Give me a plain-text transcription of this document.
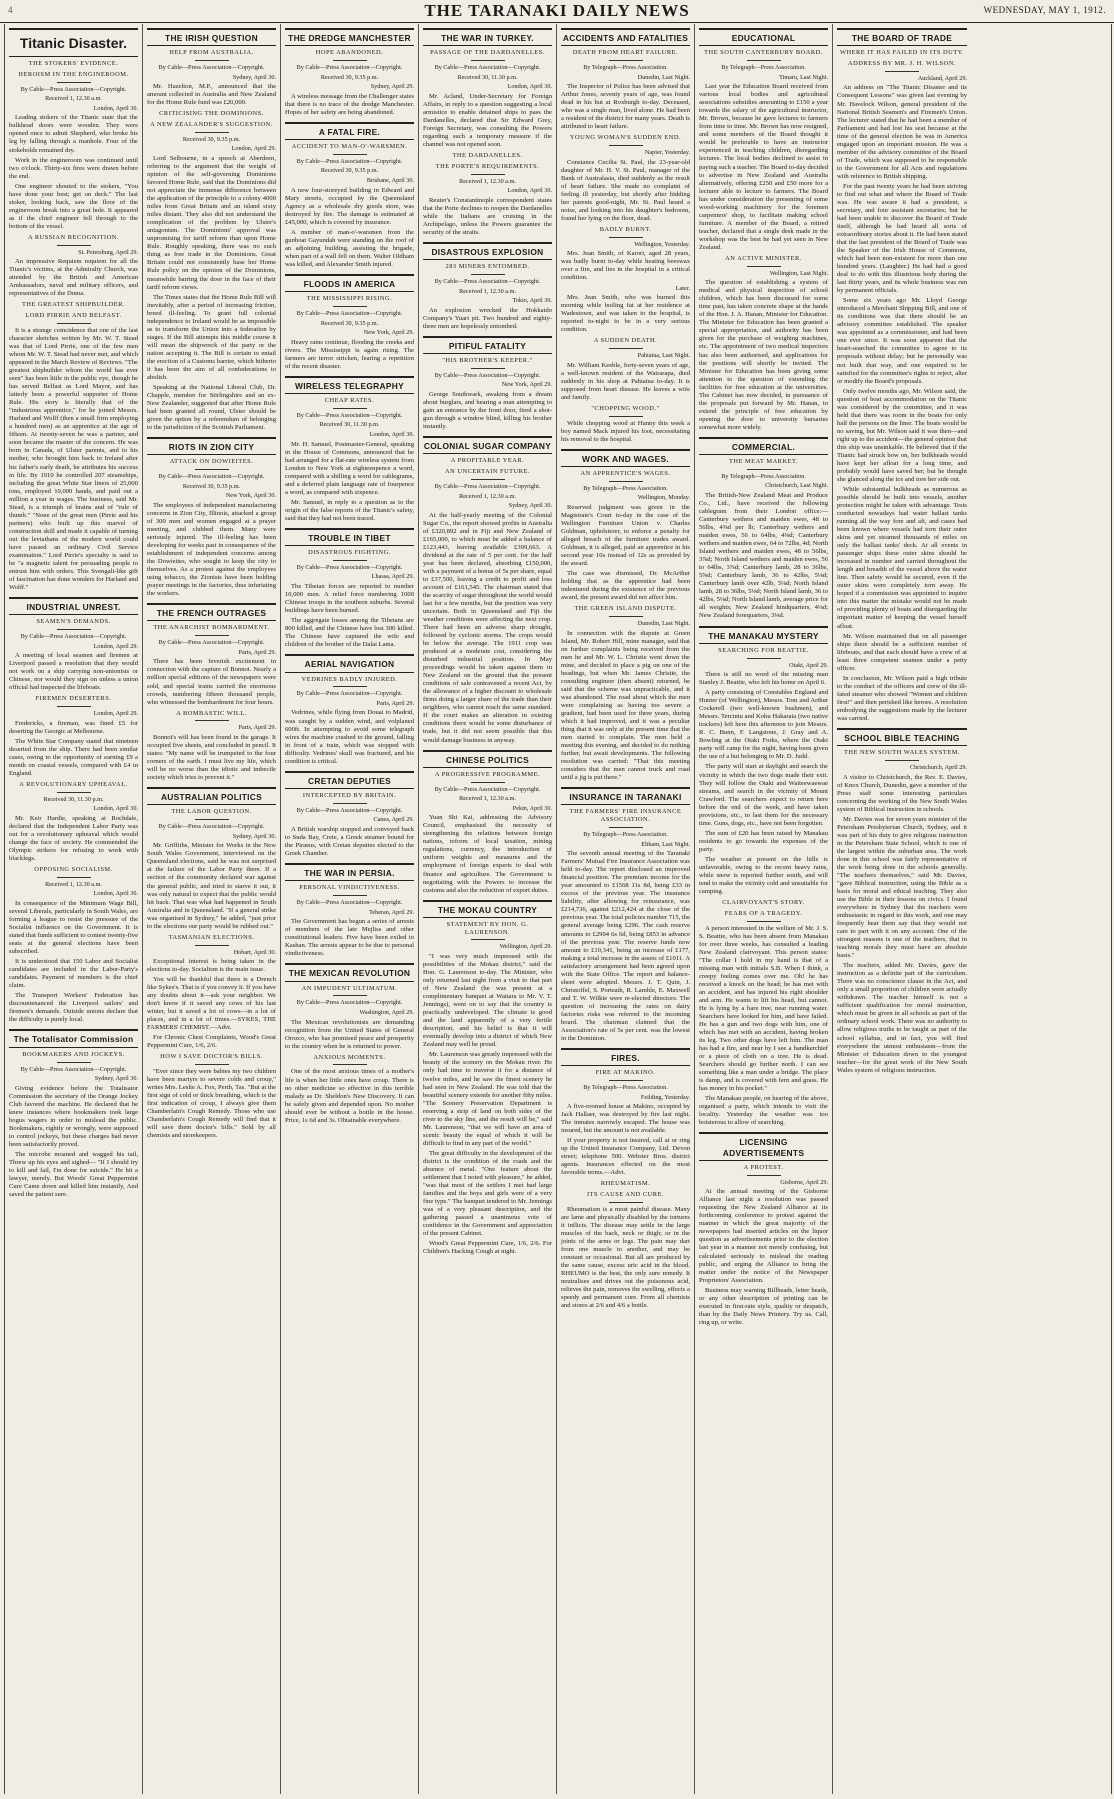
4	THE TARANAKI DAILY NEWS	WEDNESDAY, MAY 1, 1912.
Titanic Disaster.
THE STOKERS' EVIDENCE.
HEROISM IN THE ENGINEROOM.
By Cable—Press Association—Copyright.
Received 1, 12.30 a.m.
London, April 30.

Leading stokers of the Titanic state that the bulkhead doors were wooden. They were opened once to admit Shepherd, who broke his leg by falling through a manhole. Four of the stokeholds remained dry.

Work in the engineroom was continued until two o'clock. Thirty-six fires were drawn before the end.

One engineer shouted to the stokers, "You have done your best; get on deck." The last stoker, looking back, saw the floor of the engineroom break into a great hole. It appeared as if the chief engineer fell through to the bottom of the vessel.

A RUSSIAN RECOGNITION.
St. Petersburg, April 29.

An impressive Requiem requiem for all the Titanic's victims, at the Admiralty Church, was attended by the British and American Ambassadors, naval and military officers, and representatives of the Duma.

THE GREATEST SHIPBUILDER.
LORD PIRRIE AND BELFAST.

It is a strange coincidence that one of the last character sketches written by Mr. W. T. Stead was that of Lord Pirrie, one of the few men whom Mr. W. T. Stead had never met, and which appeared in the March Review of Reviews. "The greatest shipbuilder whom the world has ever seen" has been little in the public eye, though he has served Belfast as Lord Mayor, and has latterly been a powerful supporter of Home Rule. His story is literally that of the "industrious apprentice," for he joined Messrs. Harland and Wolff (then a small firm employing a hundred men) as an apprentice at the age of fifteen. At twenty-seven he was a partner, and soon became the master of the concern. He was born in Canada, of Ulster parents, and to his mother, who brought him back to Ireland after his father's early death, he attributes his success in life. By 1910 he controlled 207 steamships, including the great White Star liners of 25,000 tons, employed 10,000 hands, and paid out a million a year in wages. The business, said Mr. Stead, is a triumph of brains and of "rule of thumb." "None of the great men (Pirrie and his partners) who built up this marvel of construction skill and made it capable of turning out the leviathans of the modern world could have passed an ordinary Civil Service examination." Lord Pirrie's specialty is said to be "a magnetic talent for persuading people to entrust him with orders. This Svengali-like gift of fascination has done wonders for Harland and Wolff."

INDUSTRIAL UNREST.
SEAMEN'S DEMANDS.
By Cable—Press Association—Copyright.
London, April 29.

A meeting of local seamen and firemen at Liverpool passed a resolution that they would not work on a ship carrying non-unionists or Chinese, nor would they sign on unless a union official had inspected the lifeboats.

FIREMEN DESERTERS.
London, April 29.

Fredericks, a fireman, was fined £5 for deserting the Georgic at Melbourne.

The White Star Company stated that nineteen deserted from the ship. There had been similar cases, owing to the opportunity of earning £9 a month on coastal vessels, compared with £4 in England.

A REVOLUTIONARY UPHEAVAL.
Received 30, 11.30 p.m.
London, April 30.

Mr. Keir Hardie, speaking at Rochdale, declared that the Independent Labor Party was out for a revolutionary upheaval which would change the face of society. He commended the Olympic strikers for refusing to work with blacklegs.

OPPOSING SOCIALISM.
Received 1, 12.30 a.m.
London, April 30.

In consequence of the Minimum Wage Bill, several Liberals, particularly in South Wales, are forming a league to resist the pressure of the Socialist influence on the Government. It is stated that funds sufficient to contest twenty-five seats at the general elections have been subscribed.

It is understood that 150 Labor and Socialist candidates are included in the Labor-Party's candidates. Payment of members is the chief claim.

The Transport Workers' Federation has discountenanced the Liverpool sailors' and firemen's demands. Outside unions declare that the difficulty is purely local.

The Totalisator Commission
BOOKMAKERS AND JOCKEYS.
By Cable—Press Association—Copyright.
Sydney, April 30.

Giving evidence before the Totalisator Commission the secretary of the Orange Jockey Club favored the machine. He declared that he knew instances where bookmakers took large bogus wagers in order to mislead the public. Bookmakers, rightly or wrongly, were supposed to control jockeys, but these charges had never been satisfactorily proved.

The microbe moaned and wagged his tail, Threw up his eyes and sighed— "If I should try to kill and fail, I'm done for suicide." He hit a lawyer, merely. But Woods' Great Peppermint Cure Came down and killed him instantly, And saved the patient sure.

THE IRISH QUESTION
HELP FROM AUSTRALIA.
By Cable—Press Association—Copyright.
Sydney, April 30.

Mr. Hazelton, M.P., announced that the amount collected in Australia and New Zealand for the Home Rule fund was £20,000.

CRITICISING THE DOMINIONS.
A NEW ZEALANDER'S SUGGESTION.
Received 30, 9.35 p.m.
London, April 29.

Lord Selbourne, in a speech at Aberdeen, referring to the argument that the weight of opinion of the self-governing Dominions favored Home Rule, said that the Dominions did not appreciate the immense difference between the application of the principle to a colony 4000 miles from Great Britain and an island sixty miles distant. They also did not understand the complication of the problem by Ulster's antagonism. The Dominions' approval was unpromising for tariff reform than upon Home Rule. Roughly speaking, there was no such thing as free trade in the Dominions. Great Britain could not consistently base her Home Rule policy on the opinion of the Dominions, meanwhile barring the door in the face of their tariff reform views.

The Times states that the Home Rule Bill will inevitably, after a period of increasing friction, breed ill-feeling. To grant full colonial independence to Ireland would be as impossible as to transform the Union into a federation by stages. If the Bill attempts this middle course it will mean the shipwreck of the party or the nation accepting it. The Bill is certain to entail the erection of a Customs barrier, which hitherto it has been the aim of all confederations to abolish.

Speaking at the National Liberal Club, Dr. Chapple, member for Stirlingshire and an ex-New Zealander, suggested that after Home Rule had been granted all round, Ulster should be given the option by a referendum of belonging to the jurisdiction of the Scottish Parliament.

RIOTS IN ZION CITY
ATTACK ON DOWIEITES.
By Cable—Press Association—Copyright.
Received 30, 9.35 p.m.
New York, April 30.

The employees of independent manufacturing concerns in Zion City, Illinois, attacked a group of 300 men and women engaged at a prayer meeting, and clubbed them. Many were seriously injured. The ill-feeling has been developing for weeks past in consequence of the establishment of independent concerns among the Dowieites, who sought to keep the city to themselves. As a protest against the employees using tobacco, the Zionists have been holding prayer meetings in the factories, thus infuriating the workers.

THE FRENCH OUTRAGES
THE ANARCHIST BOMBARDMENT.
By Cable—Press Association—Copyright.
Paris, April 29.

There has been feverish excitement in connection with the capture of Bonnot. Nearly a million special editions of the newspapers were sold, and special trains carried the enormous crowds, numbering fifteen thousand people, who witnessed the bombardment for four hours.

A BOMBASTIC WILL.
Paris, April 29.

Bonnot's will has been found in the garage. It occupied five sheets, and concluded in pencil. It states: "My name will be trumpeted to the four corners of the earth. I must live my life, which will be no worse than the idiotic and imbecile society which tries to prevent it."

AUSTRALIAN POLITICS
THE LABOR QUESTION.
By Cable—Press Association—Copyright.
Sydney, April 30.

Mr. Griffiths, Minister for Works in the New South Wales Government, interviewed on the Queensland elections, said he was not surprised at the failure of the Labor Party there. If a section of the community declared war against the general public, and tried to starve it out, it was only natural to expect that the public would hit back. That was what had happened in South Australia and in Queensland. "If a general strike was organised in Sydney," he added, "just prior to the elections our party would be rubbed out."

TASMANIAN ELECTIONS.
Hobart, April 30.

Exceptional interest is being taken in the elections to-day. Socialism is the main issue.

You will be thankful that there is a Drench like Sykes's. That is if you convey it. If you have any doubts about it—ask your neighbor. We don't know if it saved any cows of his last winter, but it saved a lot of cows—in a lot of places, and in a lot of times.—SYKES, THE FARMERS' CHEMIST.—Advt.

For Chronic Chest Complaints, Wood's Great Peppermint Cure, 1/6, 2/6.

HOW I SAVE DOCTOR'S BILLS.

"Ever since they were babies my two children have been martyrs to severe colds and croup," writes Mrs. Leslie A. Fox, Perth, Tas. "But at the first sign of cold or thick breathing, which is the first indication of croup, I always give them Chamberlain's Cough Remedy. Those who use Chamberlain's Cough Remedy will find that it will save them doctor's bills." Sold by all chemists and storekeepers.

THE DREDGE MANCHESTER
HOPE ABANDONED.
By Cable—Press Association—Copyright.
Received 30, 9.35 p.m.
Sydney, April 29.

A wireless message from the Challenger states that there is no trace of the dredge Manchester. Hopes of her safety are being abandoned.

A FATAL FIRE.
ACCIDENT TO MAN-O'-WARSMEN.
By Cable—Press Association—Copyright.
Received 30, 9.35 p.m.
Brisbane, April 30.

A new four-storeyed building in Edward and Mary streets, occupied by the Queensland Agency as a wholesale dry goods store, was destroyed by fire. The damage is estimated at £45,000, which is covered by insurance.

A number of man-o'-warsmen from the gunboat Gayundah were standing on the roof of an adjoining building, assisting the brigade, when part of a wall fell on them. Walter Oldham was killed, and Alexander Smith injured.

FLOODS IN AMERICA
THE MISSISSIPPI RISING.
By Cable—Press Association—Copyright.
Received 30, 9.35 p.m.
New York, April 29.

Heavy rains continue, flooding the creeks and rivers. The Mississippi is again rising. The farmers are terror stricken, fearing a repetition of the recent disaster.

WIRELESS TELEGRAPHY
CHEAP RATES.
By Cable—Press Association—Copyright.
Received 30, 11.30 p.m.
London, April 30.

Mr. H. Samuel, Postmaster-General, speaking in the House of Commons, announced that he had arranged for a flat-rate wireless system from London to New York at eighteenpence a word, compared with a shilling a word for cablegrams, and a deferred plain language rate of fourpence a word, as compared with sixpence.

Mr. Samuel, in reply to a question as to the origin of the false reports of the Titanic's safety, said that they had not been traced.

TROUBLE IN TIBET
DISASTROUS FIGHTING.
By Cable—Press Association—Copyright.
Lhassa, April 29.

The Tibetan forces are reported to number 10,000 men. A relief force numbering 1000 Chinese troops in the southern suburbs. Several buildings have been burned.

The aggregate losses among the Tibetans are 800 killed, and the Chinese have lost 300 killed. The Chinese have captured the wife and children of the brother of the Dalai Lama.

AERIAL NAVIGATION
VEDRINES BADLY INJURED.
By Cable—Press Association—Copyright.
Paris, April 29.

Vedrines, while flying from Douai to Madrid, was caught by a sudden wind, and volplaned 600ft. In attempting to avoid some telegraph wires the machine crashed to the ground, falling in front of a train, which was stopped with difficulty. Vedrines' skull was fractured, and his condition is critical.

CRETAN DEPUTIES
INTERCEPTED BY BRITAIN.
By Cable—Press Association—Copyright.
Canea, April 29.

A British warship stopped and conveyed back to Suda Bay, Crete, a Greek steamer bound for the Piraeus, with Cretan deputies elected to the Greek Chamber.

THE WAR IN PERSIA.
PERSONAL VINDICTIVENESS.
By Cable—Press Association—Copyright.
Teheran, April 29.

The Government has begun a series of arrests of members of the late Mejliss and other constitutional leaders. Five have been exiled to Kashan. The arrests appear to be due to personal vindictiveness.

THE MEXICAN REVOLUTION
AN IMPUDENT ULTIMATUM.
By Cable—Press Association—Copyright.
Washington, April 29.

The Mexican revolutionists are demanding recognition from the United States of General Orozco, who has promised peace and prosperity to the country when he is returned to power.

ANXIOUS MOMENTS.

One of the most anxious times of a mother's life is when her little ones have croup. There is no other medicine so effective in this terrible malady as Dr. Sheldon's New Discovery. It can be safely given and depended upon. No mother should ever be without a bottle in the house. Price, 1s 6d and 3s. Obtainable everywhere.

THE WAR IN TURKEY.
PASSAGE OF THE DARDANELLES.
By Cable—Press Association—Copyright.
Received 30, 11.30 p.m.
London, April 30.

Mr. Acland, Under-Secretary for Foreign Affairs, in reply to a question suggesting a local armistice to enable detained ships to pass the Dardanelles, declared that Sir Edward Grey, Foreign Secretary, was consulting the Powers regarding such a temporary measure if the channel was not opened soon.

THE DARDANELLES.
THE PORTE'S REQUIREMENTS.
Received 1, 12.30 a.m.
London, April 30.

Reuter's Constantinople correspondent states that the Porte declines to reopen the Dardanelles while the Italians are cruising in the Archipelago, unless the Powers guarantee the security of the straits.

DISASTROUS EXPLOSION
283 MINERS ENTOMBED.
By Cable—Press Association—Copyright.
Received 1, 12.30 a.m.
Tokio, April 30.

An explosion wrecked the Hokkaido Company's Yuari pit. Two hundred and eighty-three men are hopelessly entombed.

PITIFUL FATALITY
"HIS BROTHER'S KEEPER."
By Cable—Press Association—Copyright.
New York, April 29.

George Southwark, awaking from a dream about burglars, and hearing a man attempting to gain an entrance by the front door, fired a shot-gun through a window blind, killing his brother instantly.

COLONIAL SUGAR COMPANY
A PROFITABLE YEAR.
AN UNCERTAIN FUTURE.
By Cable—Press Association—Copyright.
Received 1, 12.30 a.m.
Sydney, April 30.

At the half-yearly meeting of the Colonial Sugar Co., the report showed profits in Australia of £320,892 and in Fiji and New Zealand of £165,000, to which must be added a balance of £123,443, leaving available £399,663. A dividend at the rate of 5 per cent. for the half year has been declared, absorbing £150,000, with a payment of a bonus of 5s per share, equal to £37,500, leaving a credit to profit and loss account of £161,545. The chairman stated that the scarcity of sugar throughout the world would last for a few months, but the position was very uncertain. Both in Queensland and Fiji the weather conditions were affecting the next crop. There had been an adverse sharp drought, followed by cyclonic storms. The crops would be below the average. The 1911 crop was produced at a moderate cost, considering the disturbed industrial position. In May proceedings would be taken against them in New Zealand on the ground that the present conditions of sale contravened a recent Act, by the allowance of a higher discount to wholesale firms doing a larger share of the trade than their neighbors, who cannot reach the same standard. If the court makes an alteration in existing conditions there would be some disturbance of trade, but it did not seem possible that this would damage business in anyway.

CHINESE POLITICS
A PROGRESSIVE PROGRAMME.
By Cable—Press Association—Copyright.
Received 1, 12.30 a.m.
Pekin, April 30.

Yuan Shi Kai, addressing the Advisory Council, emphasised the necessity of strengthening the relations between foreign nations, reform of local taxation, mining regulations, currency, the introduction of uniform weights and measures and the employment of foreign experts to deal with finance and agriculture. The Government is negotiating with the Powers to increase the customs and also the reduction of export duties.

THE MOKAU COUNTRY
STATEMENT BY HON. G. LAURENSON.
Wellington, April 29.

"I was very much impressed with the possibilities of the Mokau district," said the Hon. G. Laurenson to-day. The Minister, who only returned last night from a visit to that part of New Zealand (he was present at a complimentary banquet at Waitara to Mr. V. T. Jennings), went on to say that the country is practically undeveloped. The climate is good and the land apparently of a very fertile description, and his belief is that it will eventually develop into a district of which New Zealand may well be proud.

Mr. Laurenson was greatly impressed with the beauty of the scenery on the Mokau river. He only had time to traverse it for a distance of twelve miles, and he saw the finest scenery he had seen in New Zealand. He was told that the beautiful scenery extends for another fifty miles. "The Scenery Preservation Department is reserving a strip of land on both sides of the river to the sky line, and the result will be," said Mr. Laurenson, "that we will have an area of scenic beauty the equal of which it will be difficult to find in any part of the world."

The great difficulty in the development of the district is the condition of the roads and the absence of metal. "One feature about the settlement that I noted with pleasure," he added, "was that most of the settlers I met had large families and the boys and girls were of a very fine type." The banquet tendered to Mr. Jennings was of a very pleasant description, and the gathering passed a unanimous vote of confidence in the Government and appreciation of the present Cabinet.

Wood's Great Peppermint Cure, 1/6, 2/6. For Children's Hacking Cough at night.

ACCIDENTS AND FATALITIES
DEATH FROM HEART FAILURE.
By Telegraph—Press Association.
Dunedin, Last Night.

The Inspector of Police has been advised that Arthur Jones, seventy years of age, was found dead in his hut at Roxburgh to-day. Deceased, who was a single man, lived alone. He had been a resident of the district for many years. Death is attributed to heart failure.

YOUNG WOMAN'S SUDDEN END.
Napier, Yesterday.

Constance Cecilia St. Paul, the 23-year-old daughter of Mr. H. V. St. Paul, manager of the Bank of Australasia, died suddenly as the result of heart failure. She made no complaint of feeling ill yesterday, but shortly after bidding her parents good-night, Mr. St. Paul heard a noise, and looking into his daughter's bedroom, found her lying on the floor, dead.

BADLY BURNT.
Wellington, Yesterday.

Mrs. Jean Smith, of Karori, aged 28 years, was badly burnt to-day while heating beeswax over a fire, and lies in the hospital in a critical condition.

Later.

Mrs. Jean Smith, who was burned this morning while boiling fat at her residence at Wadestown, and was taken to the hospital, is reported to-night to be in a very serious condition.

A SUDDEN DEATH.
Pahiatua, Last Night.

Mr. William Keeble, forty-seven years of age, a well-known resident of the Wairarapa, died suddenly in his shop at Pahiatua to-day. It is supposed from heart disease. He leaves a wife and family.

"CHOPPING WOOD."

While chopping wood at Hunny this week a boy named Mack injured his foot, necessitating his removal to the hospital.

WORK AND WAGES.
AN APPRENTICE'S WAGES.
By Telegraph—Press Association.
Wellington, Monday.

Reserved judgment was given in the Magistrate's Court to-day in the case of the Wellington Furniture Union v. Charles Goldman, upholsterer, to enforce a penalty for alleged breach of the furniture trades award. Goldman, it is alleged, paid an apprentice in his second year 10s instead of 12s as provided by the award.

The case was dismissed, Dr. McArthur holding that as the apprentice had been indentured during the existence of the previous award, the present award did not affect him.

THE GREEN ISLAND DISPUTE.
Dunedin, Last Night.

In connection with the dispute at Green Island, Mr. Robert Hill, mine manager, said that on further complaints being received from the men he and Mr. W. L. Christie went down the mine, and decided to place a pig on one of the headings, but when Mr. James Christie, the consulting engineer (then absent) returned, he said that the scheme was unpracticable, and it was abandoned. The road about which the men were complaining as having too severe a gradient, had been used for three years, during which it had improved, and it was a peculiar thing that it was only at the present time that the men started to complain. The men held a meeting this evening, and decided to do nothing further, but await developments. The following resolution was carried: "That this meeting considers that the men cannot truck and road until a jig is put there."

INSURANCE IN TARANAKI
THE FARMERS' FIRE INSURANCE ASSOCIATION.
By Telegraph—Press Association.
Eltham, Last Night.

The seventh annual meeting of the Taranaki Farmers' Mutual Fire Insurance Association was held to-day. The report disclosed an improved financial position. The premium income for the year amounted to £1568 11s 8d, being £33 in excess of the previous year. The insurance liability, after allowing for reinsurance, was £214,736, against £212,424 at the close of the previous year. The total policies number 715, the general average being £296. The cash reserve amounts to £2904 6s 6d, being £853 in advance of the previous year. The reserve funds now amount to £10,341, being an increase of £177, making a total increase in the assets of £1011. A satisfactory arrangement had been agreed upon with the State Office. The report and balance-sheet were adopted. Messrs. J. T. Quin, J. Christoffel, S. Porteath, R. Lamble, E. Maxwell and T. W. Wilkie were re-elected directors. The question of increasing the rates on dairy factories risks was referred to the incoming board. The chairman claimed that the Association's rate of 5s per cent. was the lowest in the Dominion.

FIRES.
FIRE AT MAKINO.
By Telegraph—Press Association.
Feilding, Yesterday.

A five-roomed house at Makino, occupied by Jack Hallaer, was destroyed by fire last night. The inmates narrowly escaped. The house was insured, but the amount is not available.

If your property is not insured, call at or ring up the United Insurance Company, Ltd. Devon street; telephone 500. Webster Bros. district agents. Insurances effected on the most favorable terms.—Advt.

RHEUMATISM.
ITS CAUSE AND CURE.

Rheumatism is a most painful disease. Many are lame and physically disabled by the tortures it inflicts. The disease may settle in the large muscles of the back, neck or thigh; or in the joints of the arms or legs. The pain may dart from one muscle to another, and may be constant or occasional. But all are produced by the same cause, excess uric acid in the blood. RHEUMO is the best, the only sure remedy. It neutralises and drives out the poisonous acid, relieves the pain, removes the swelling, effects a speedy and permanent cure. From all chemists and stores at 2/6 and 4/6 a bottle.

EDUCATIONAL
THE SOUTH CANTERBURY BOARD.
By Telegraph—Press Association.
Timaru, Last Night.

Last year the Education Board received from various local bodies and agricultural associations subsidies amounting to £150 a year towards the salary of the agricultural instructor, Mr. Brown, because he gave lectures to farmers from time to time. Mr. Brown has now resigned, and some members of the Board thought it would be preferable to have an instructor experienced in teaching children, disregarding lectures. The local bodies declined to assist in paying such a teacher. The Board to-day decided to advertise in New Zealand and Australia alternatively, offering £250 and £50 more for a lecturer able to lecture to farmers. The Board has under consideration the presenting of some wood-working machinery for the foremen carpenters' shop, to facilitate making school furniture. A member of the Board, a retired teacher, declared that a single desk made in the workshop was the best he had yet seen in New Zealand.

AN ACTIVE MINISTER.
Wellington, Last Night.

The question of establishing a system of medical and physical inspection of school children, which has been discussed for some time past, has taken concrete shape at the hands of the Hon. J. A. Hanan, Minister for Education. The Minister for Education has been granted a special appropriation, and authority has been given for the purchase of weighing machines, etc. The appointment of two medical inspectors has also been authorised, and applications for the positions will shortly be invited. The Minister for Education has been giving some attention to the question of extending the facilities for free education at the universities. The Cabinet has now decided, in pursuance of the proposals put forward by Mr. Hanan, to extend the principle of free education by opening the door to university bursaries somewhat more widely.

COMMERCIAL.
THE MEAT MARKET.
By Telegraph—Press Association.
Christchurch, Last Night.

The British-New Zealand Meat and Produce Co., Ltd., have received the following cablegram from their London office:—Canterbury wethers and maiden ewes, 48 to 56lbs, 4⅝d per lb; Canterbury wethers and maiden ewes, 56 to 64lbs, 4⅜d; Canterbury wethers and maiden ewes, 64 to 72lbs, 4d; North Island wethers and maiden ewes, 48 to 56lbs, 3⅞d; North Island wethers and maiden ewes, 56 to 64lbs, 3⅞d; Canterbury lamb, 28 to 36lbs, 5⅝d; Canterbury lamb, 36 to 42lbs, 5⅛d; Canterbury lamb over 42lb, 5⅛d; North Island lamb, 28 to 36lbs, 5⅛d; North Island lamb, 36 to 42lbs, 5⅛d; North Island lamb, average price for all weights; New Zealand hindquarters, 4⅛d; New Zealand forequarters, 3⅛d.

THE MANAKAU MYSTERY
SEARCHING FOR BEATTIE.
Otaki, April 29.

There is still no word of the missing man Stanley J. Beattie, who left his home on April 6.

A party consisting of Constables England and Hunter (of Wellington), Messrs. Tom and Arthur Cockerell (two well-known bushmen), and Messrs. Tercintu and Kohu Hakaraia (two native trackers) left here this afternoon to join Messrs. R. C. Bunn, F. Langstone, J. Gray and A. Bowling at the Otaki Forks, where the Otaki party will camp for the night, having been given the use of a hut belonging to Mr. D. Judd.

The party will start at daylight and search the vicinity in which the two dogs made their exit. They will follow the Otaki and Waiteewaewae streams, and search in the vicinity of Mount Crawford. The searchers expect to return here before the end of the week, and have taken provisions, etc., to last them for the necessary time. Guns, dogs, etc., have not been forgotten.

The sum of £20 has been raised by Manakau residents to go towards the expenses of the party.

The weather at present on the hills is unfavorable, owing to the recent heavy rains, while snow is reported further south, and will tend to make the vicinity cold and unsuitable for camping.

CLAIRVOYANT'S STORY.
FEARS OF A TRAGEDY.

A person interested in the welfare of Mr. J. S. S. Beattie, who has been absent from Manakau for over three weeks, has consulted a leading New Zealand clairvoyant. This person states: "The collar I hold in my hand is that of a missing man with initials S.B. When I think, a creepy feeling comes over me. Oh! he has received a knock on the head; he has met with an accident, and has injured his right shoulder and arm. He wants to lift his head, but cannot. He is lying by a bare tree, near running water. Searchers have looked for him, and have failed. He has a gun and two dogs with him, one of which has met with an accident, having broken its leg. Two other dogs have left him. The man has had a fire, and near by I see a handkerchief or a piece of cloth on a tree. He is dead. Searchers should go further north. I can see something like a man under a bridge. The place is damp, and is covered with fern and grass. He has money in his pocket."

The Manakau people, on hearing of the above, organised a party, which intends to visit the locality. Yesterday the weather was too boisterous to allow of searching.

LICENSING ADVERTISEMENTS
A PROTEST.
Gisborne, April 29.

At the annual meeting of the Gisborne Alliance last night a resolution was passed requesting the New Zealand Alliance at its forthcoming conference to protest against the manner in which the great majority of the newspapers had inserted articles on the liquor question as advertisements prior to the election last year in a manner not merely confusing, but calculated seriously to mislead the reading public, and urging the Alliance to bring the matter under the notice of the Newspaper Proprietors' Association.

Business may warning Billheads, letter heads, or any other description of printing can be executed in first-rate style, quality or despatch, than by the Daily News Printery. Try us. Call, ring up, or write.

THE BOARD OF TRADE
WHERE IT HAS FAILED IN ITS DUTY.
ADDRESS BY MR. J. H. WILSON.
Auckland, April 29.

An address on "The Titanic Disaster and its Consequent Lessons" was given last evening by Mr. Havelock Wilson, general president of the National British Seamen's and Firemen's Union. The lecturer stated that he had been a member of Parliament and had lost his seat because at the time of the general election he was in America engaged upon an important mission. He was a member of the advisory committee of the Board of Trade, which was supposed to be responsible to the Government for all Acts and regulations with reference to British shipping.

For the past twenty years he had been striving to find out what and where the Board of Trade was. He was aware it had a president, a secretary, and four assistant secretaries; but he had been unable to discover the Board of Trade itself, although he had heard all sorts of extraordinary stories about it. He had been stated that the last president of the Board of Trade was the Speaker of the Irish House of Commons, which had been non-existent for more than one hundred years. (Laughter.) He had had a good deal to do with this illustrious body during the last thirty years, and its whole business was run by permanent officials.

Some six years ago Mr. Lloyd George introduced a Merchant Shipping Bill, and one of its conditions was that there should be an advisory committee established. The speaker was appointed as a commissioner, and had been one ever since. It was soon apparent that the heart-searched the committee to agree to its proposals without delay; but he personally was not built that way, and one required to be satisfied for the committee's rights to reject, alter or modify the Board's proposals.

Only twelve months ago, Mr. Wilson said, the question of boat accommodation on the Titanic was considered by the committee, and it was held that there was room in the boats for only half the persons on the liner. The boats would be no saving, but Mr. Wilson said it was then—and right up to the accident—the general opinion that this ship was unsinkable. He believed that if the Titanic had struck bow on, her bulkheads would have kept her afloat for a long time, and probably would have saved her; but he thought she glanced along the ice and tore her side out.

While substantial bulkheads as numerous as possible should be built into vessels, another protection might be taken with advantage. Tests conducted nowadays had water ballast tanks running all the way fore and aft, and cases had been known where vessels had torn their outer skins and yet steamed thousands of miles on only the ballast tanks' deck. At all events in passenger ships these outer skins should be increased in number and carried throughout the length and breadth of the vessel above the water line. Then safety would be secured, even if the outer skins were completely torn away. He hoped if a commission was appointed to inquire into this matter the mistake would not be made of providing plenty of boats and disregarding the important matter of keeping the vessel herself afloat.

Mr. Wilson maintained that on all passenger ships there should be a sufficient number of lifeboats, and that each should have a crew of at least three competent seamen under a petty officer.

In conclusion, Mr. Wilson paid a high tribute to the conduct of the officers and crew of the ill-fated steamer who showed "Women and children first!" and then perished like heroes. A resolution embodying the suggestions made by the lecturer was carried.

SCHOOL BIBLE TEACHING
THE NEW SOUTH WALES SYSTEM.
Christchurch, April 29.

A visitor to Christchurch, the Rev. E. Davies, of Knox Church, Dunedin, gave a member of the Press staff some interesting particulars concerning the working of the New South Wales system of Biblical instruction in schools.

Mr. Davies was for seven years minister of the Petersham Presbyterian Church, Sydney, and it was part of his duty to give religious instruction in the Petersham State School, which is one of the largest within the suburban area. The work done in this school was fairly representative of the work being done in the schools generally. "The teachers themselves," said Mr. Davies, "gave Biblical instruction, using the Bible as a basis for moral and ethical teaching. They also use the Bible in their lessons on civics. I found everywhere in Sydney that the teachers were enthusiastic in regard to this work, and one may frequently hear them say that they would not care to part with it on any account. One of the strongest reasons is one of the teachers, that in teaching morals they must have an absolute basis."

The teachers, added Mr. Davies, gave the instruction as a definite part of the curriculum. There was no conscience clause in the Act, and only a small proportion of children were actually withdrawn. The teacher himself is not a sufficient qualification for moral instruction, which must be given in all schools as part of the ordinary school work. There was no authority to allow religious truths to be taught as part of the school syllabus, and in fact, you will find everywhere the utmost enthusiasm—from the Minister of Education down to the youngest teacher—for the great work of the New South Wales system of religious instruction.
